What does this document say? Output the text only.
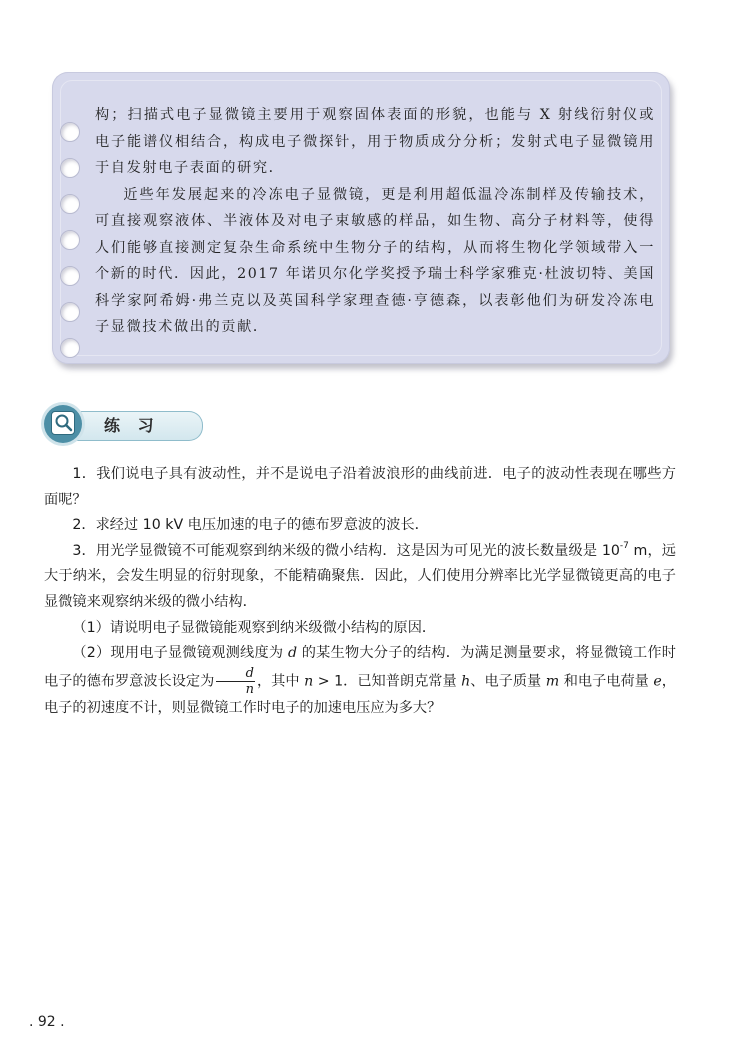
构；扫描式电子显微镜主要用于观察固体表面的形貌，也能与 X 射线衍射仪或电子能谱仪相结合，构成电子微探针，用于物质成分分析；发射式电子显微镜用于自发射电子表面的研究．

近些年发展起来的冷冻电子显微镜，更是利用超低温冷冻制样及传输技术，可直接观察液体、半液体及对电子束敏感的样品，如生物、高分子材料等，使得人们能够直接测定复杂生命系统中生物分子的结构，从而将生物化学领域带入一个新的时代．因此，2017 年诺贝尔化学奖授予瑞士科学家雅克·杜波切特、美国科学家阿希姆·弗兰克以及英国科学家理查德·亨德森，以表彰他们为研发冷冻电子显微技术做出的贡献．

练 习

1．我们说电子具有波动性，并不是说电子沿着波浪形的曲线前进．电子的波动性表现在哪些方面呢？

2．求经过 10 kV 电压加速的电子的德布罗意波的波长．

3．用光学显微镜不可能观察到纳米级的微小结构．这是因为可见光的波长数量级是 $10^{-7}$ m，远大于纳米，会发生明显的衍射现象，不能精确聚焦．因此，人们使用分辨率比光学显微镜更高的电子显微镜来观察纳米级的微小结构．

（1）请说明电子显微镜能观察到纳米级微小结构的原因．

（2）现用电子显微镜观测线度为 d 的某生物大分子的结构．为满足测量要求，将显微镜工作时电子的德布罗意波长设定为 $\frac{d}{n}$ ，其中 n > 1．已知普朗克常量 h、电子质量 m 和电子电荷量 e，电子的初速度不计，则显微镜工作时电子的加速电压应为多大？

. 92 .
